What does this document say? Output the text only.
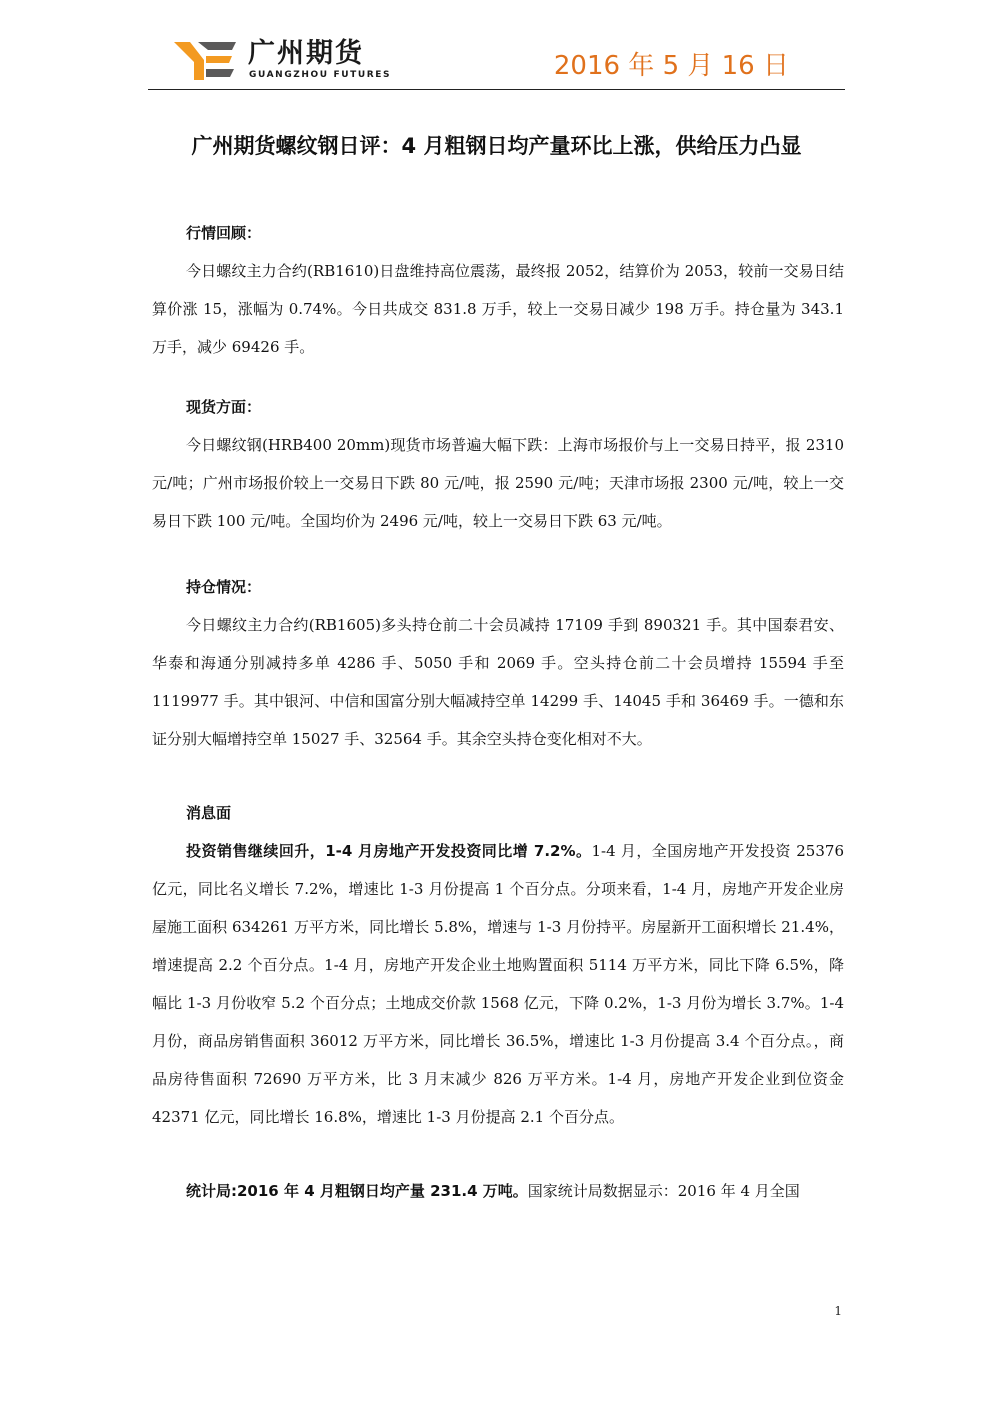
广州期货
GUANGZHOU FUTURES	2016 年 5 月 16 日
广州期货螺纹钢日评：4 月粗钢日均产量环比上涨，供给压力凸显
行情回顾：

今日螺纹主力合约(RB1610)日盘维持高位震荡，最终报 2052，结算价为 2053，较前一交易日结算价涨 15，涨幅为 0.74%。今日共成交 831.8 万手，较上一交易日减少 198 万手。持仓量为 343.1 万手，减少 69426 手。

现货方面：

今日螺纹钢(HRB400 20mm)现货市场普遍大幅下跌：上海市场报价与上一交易日持平，报 2310 元/吨；广州市场报价较上一交易日下跌 80 元/吨，报 2590 元/吨；天津市场报 2300 元/吨，较上一交易日下跌 100 元/吨。全国均价为 2496 元/吨，较上一交易日下跌 63 元/吨。

持仓情况：

今日螺纹主力合约(RB1605)多头持仓前二十会员减持 17109 手到 890321 手。其中国泰君安、华泰和海通分别减持多单 4286 手、5050 手和 2069 手。空头持仓前二十会员增持 15594 手至 1119977 手。其中银河、中信和国富分别大幅减持空单 14299 手、14045 手和 36469 手。一德和东证分别大幅增持空单 15027 手、32564 手。其余空头持仓变化相对不大。

消息面

投资销售继续回升，1-4 月房地产开发投资同比增 7.2%。1-4 月，全国房地产开发投资 25376 亿元，同比名义增长 7.2%，增速比 1-3 月份提高 1 个百分点。分项来看，1-4 月，房地产开发企业房屋施工面积 634261 万平方米，同比增长 5.8%，增速与 1-3 月份持平。房屋新开工面积增长 21.4%，增速提高 2.2 个百分点。1-4 月，房地产开发企业土地购置面积 5114 万平方米，同比下降 6.5%，降幅比 1-3 月份收窄 5.2 个百分点；土地成交价款 1568 亿元，下降 0.2%，1-3 月份为增长 3.7%。1-4 月份，商品房销售面积 36012 万平方米，同比增长 36.5%，增速比 1-3 月份提高 3.4 个百分点。，商品房待售面积 72690 万平方米，比 3 月末减少 826 万平方米。1-4 月，房地产开发企业到位资金 42371 亿元，同比增长 16.8%，增速比 1-3 月份提高 2.1 个百分点。

统计局:2016 年 4 月粗钢日均产量 231.4 万吨。国家统计局数据显示：2016 年 4 月全国

1
